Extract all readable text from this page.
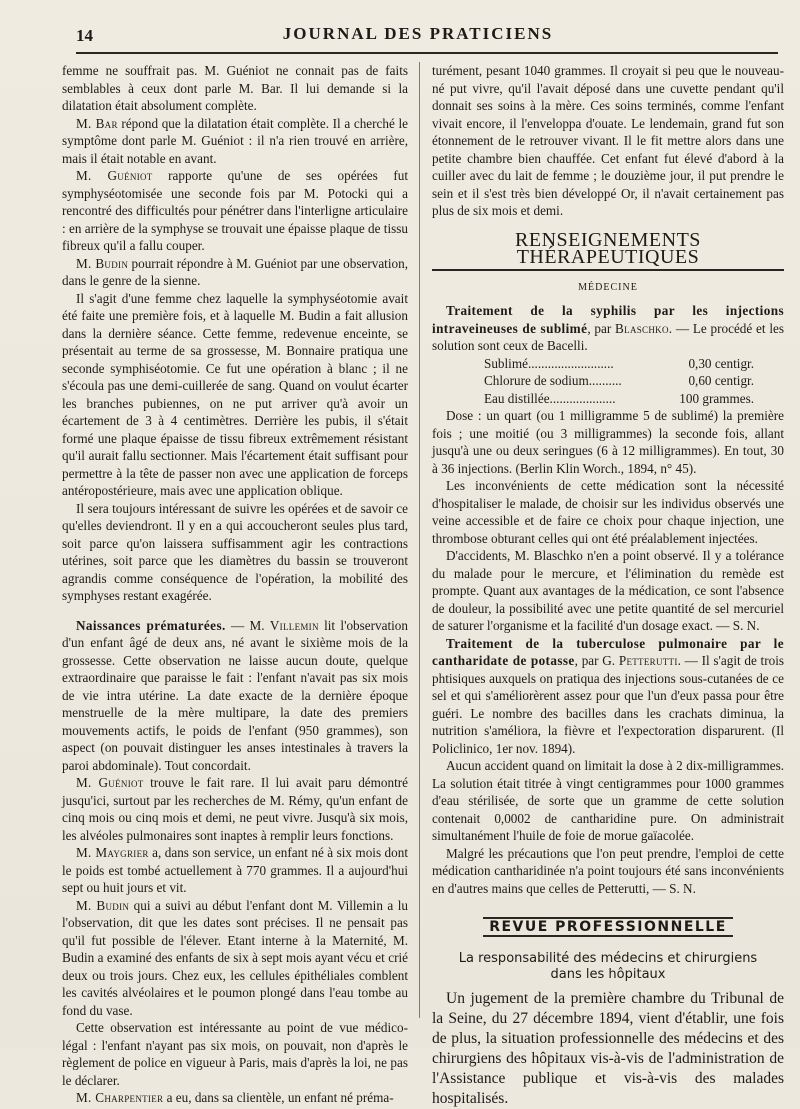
14	JOURNAL DES PRATICIENS

femme ne souffrait pas. M. Guéniot ne connait pas de faits semblables à ceux dont parle M. Bar. Il lui demande si la dilatation était absolument complète.

M. Bar répond que la dilatation était complète. Il a cherché le symptôme dont parle M. Guéniot : il n'a rien trouvé en arrière, mais il était notable en avant.

M. Guéniot rapporte qu'une de ses opérées fut symphyséotomisée une seconde fois par M. Potocki qui a rencontré des difficultés pour pénétrer dans l'interligne articulaire : en arrière de la symphyse se trouvait une épaisse plaque de tissu fibreux qu'il a fallu couper.

M. Budin pourrait répondre à M. Guéniot par une observation, dans le genre de la sienne.

Il s'agit d'une femme chez laquelle la symphyséotomie avait été faite une première fois, et à laquelle M. Budin a fait allusion dans la dernière séance. Cette femme, redevenue enceinte, se présentait au terme de sa grossesse, M. Bonnaire pratiqua une seconde symphiséotomie. Ce fut une opération à blanc ; il ne s'écoula pas une demi-cuillerée de sang. Quand on voulut écarter les branches pubiennes, on ne put arriver qu'à avoir un écartement de 3 à 4 centimètres. Derrière les pubis, il s'était formé une plaque épaisse de tissu fibreux extrêmement résistant qu'il aurait fallu sectionner. Mais l'écartement était suffisant pour permettre à la tête de passer non avec une application de forceps antéropostérieure, mais avec une application oblique.

Il sera toujours intéressant de suivre les opérées et de savoir ce qu'elles deviendront. Il y en a qui accoucheront seules plus tard, soit parce qu'on laissera suffisamment agir les contractions utérines, soit parce que les diamètres du bassin se trouveront agrandis comme conséquence de l'opération, la mobilité des symphyses restant exagérée.

Naissances prématurées. — M. Villemin lit l'observation d'un enfant âgé de deux ans, né avant le sixième mois de la grossesse. Cette observation ne laisse aucun doute, quelque extraordinaire que paraisse le fait : l'enfant n'avait pas six mois de vie intra utérine. La date exacte de la dernière époque menstruelle de la mère multipare, la date des premiers mouvements actifs, le poids de l'enfant (950 grammes), son aspect (on pouvait distinguer les anses intestinales à travers la paroi abdominale). Tout concordait.

M. Guéniot trouve le fait rare. Il lui avait paru démontré jusqu'ici, surtout par les recherches de M. Rémy, qu'un enfant de cinq mois ou cinq mois et demi, ne peut vivre. Jusqu'à six mois, les alvéoles pulmonaires sont inaptes à remplir leurs fonctions.

M. Maygrier a, dans son service, un enfant né à six mois dont le poids est tombé actuellement à 770 grammes. Il a aujourd'hui sept ou huit jours et vit.

M. Budin qui a suivi au début l'enfant dont M. Villemin a lu l'observation, dit que les dates sont précises. Il ne pensait pas qu'il fut possible de l'élever. Etant interne à la Maternité, M. Budin a examiné des enfants de six à sept mois ayant vécu et crié deux ou trois jours. Chez eux, les cellules épithéliales comblent les cavités alvéolaires et le poumon plongé dans l'eau tombe au fond du vase.

Cette observation est intéressante au point de vue médico-légal : l'enfant n'ayant pas six mois, on pouvait, non d'après le règlement de police en vigueur à Paris, mais d'après la loi, ne pas le déclarer.

M. Charpentier a eu, dans sa clientèle, un enfant né préma-

turément, pesant 1040 grammes. Il croyait si peu que le nouveau-né put vivre, qu'il l'avait déposé dans une cuvette pendant qu'il donnait ses soins à la mère. Ces soins terminés, comme l'enfant vivait encore, il l'enveloppa d'ouate. Le lendemain, grand fut son étonnement de le retrouver vivant. Il le fit mettre alors dans une petite chambre bien chauffée. Cet enfant fut élevé d'abord à la cuiller avec du lait de femme ; le douzième jour, il put prendre le sein et il s'est très bien développé Or, il n'avait certainement pas plus de six mois et demi.

RENSEIGNEMENTS THÉRAPEUTIQUES
MÉDECINE

Traitement de la syphilis par les injections intraveineuses de sublimé, par Blaschko. — Le procédé et les solution sont ceux de Bacelli.

Sublimé..........................	0,30 centigr.
Chlorure de sodium..........	0,60 centigr.
Eau distillée....................	100 grammes.

Dose : un quart (ou 1 milligramme 5 de sublimé) la première fois ; une moitié (ou 3 milligrammes) la seconde fois, allant jusqu'à une ou deux seringues (6 à 12 milligrammes). En tout, 30 à 36 injections. (Berlin Klin Worch., 1894, n° 45).

Les inconvénients de cette médication sont la nécessité d'hospitaliser le malade, de choisir sur les individus observés une veine accessible et de faire ce choix pour chaque injection, une thrombose obturant celles qui ont été préalablement injectées.

D'accidents, M. Blaschko n'en a point observé. Il y a tolérance du malade pour le mercure, et l'élimination du remède est prompte. Quant aux avantages de la médication, ce sont l'absence de douleur, la possibilité avec une petite quantité de sel mercuriel de saturer l'organisme et la facilité d'un dosage exact. — S. N.

Traitement de la tuberculose pulmonaire par le cantharidate de potasse, par G. Petterutti. — Il s'agit de trois phtisiques auxquels on pratiqua des injections sous-cutanées de ce sel et qui s'améliorèrent assez pour que l'un d'eux passa pour être guéri. Le nombre des bacilles dans les crachats diminua, la nutrition s'améliora, la fièvre et l'expectoration disparurent. (Il Policlinico, 1er nov. 1894).

Aucun accident quand on limitait la dose à 2 dix-milligrammes. La solution était titrée à vingt centigrammes pour 1000 grammes d'eau stérilisée, de sorte que un gramme de cette solution contenait 0,0002 de cantharidine pure. On administrait simultanément l'huile de foie de morue gaïacolée.

Malgré les précautions que l'on peut prendre, l'emploi de cette médication cantharidinée n'a point toujours été sans inconvénients en d'autres mains que celles de Petterutti, — S. N.

REVUE PROFESSIONNELLE
La responsabilité des médecins et chirurgiens dans les hôpitaux

Un jugement de la première chambre du Tribunal de la Seine, du 27 décembre 1894, vient d'établir, une fois de plus, la situation professionnelle des médecins et des chirurgiens des hôpitaux vis-à-vis de l'administration de l'Assistance publique et vis-à-vis des malades hospitalisés.
